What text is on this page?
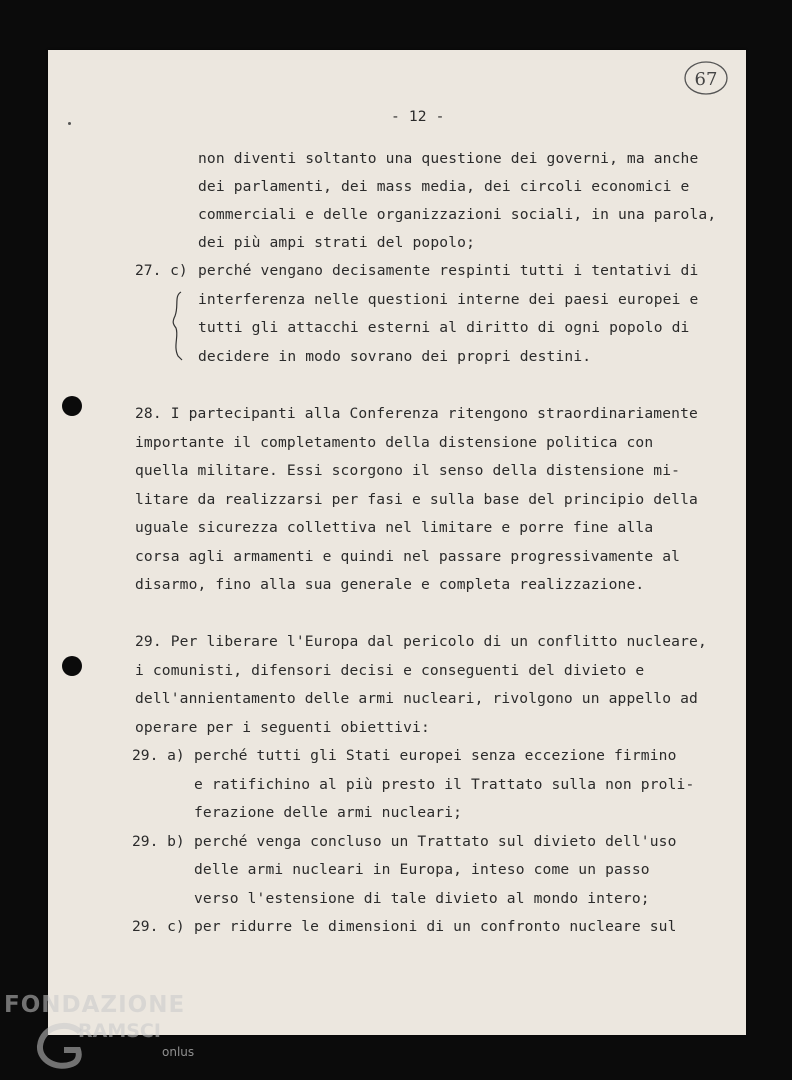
67
- 12 -
non diventi soltanto una questione dei governi, ma anche
dei parlamenti, dei mass media, dei circoli economici e
commerciali e delle organizzazioni sociali, in una parola,
dei più ampi strati del popolo;
27. c) perché vengano decisamente respinti tutti i tentativi di
interferenza nelle questioni interne dei paesi europei e
tutti gli attacchi esterni al diritto di ogni popolo di
decidere in modo sovrano dei propri destini.
28. I partecipanti alla Conferenza ritengono straordinariamente
importante il completamento della distensione politica con
quella militare. Essi scorgono il senso della distensione mi-
litare da realizzarsi per fasi e sulla base del principio della
uguale sicurezza collettiva nel limitare e porre fine alla
corsa agli armamenti e quindi nel passare progressivamente al
disarmo, fino alla sua generale e completa realizzazione.
29. Per liberare l'Europa dal pericolo di un conflitto nucleare,
i comunisti, difensori decisi e conseguenti del divieto e
dell'annientamento delle armi nucleari, rivolgono un appello ad
operare per i seguenti obiettivi:
29. a) perché tutti gli Stati europei senza eccezione firmino
e ratifichino al più presto il Trattato sulla non proli-
ferazione delle armi nucleari;
29. b) perché venga concluso un Trattato sul divieto dell'uso
delle armi nucleari in Europa, inteso come un passo
verso l'estensione di tale divieto al mondo intero;
29. c) per ridurre le dimensioni di un confronto nucleare sul
FONDAZIONE
RAMSCI
onlus
